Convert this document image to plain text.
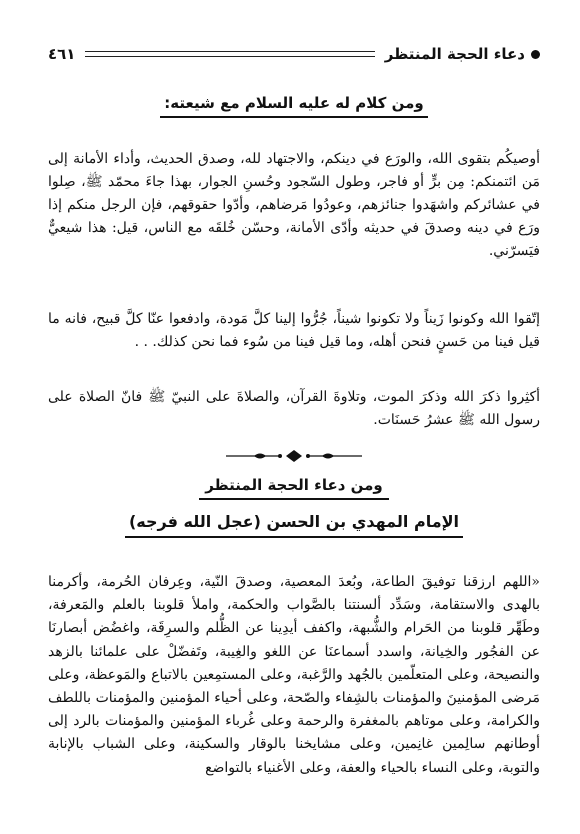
دعاء الحجة المنتظر
٤٦١
ومن كلام له عليه السلام مع شيعته:
أوصيكُم بتقوى الله، والورَع في دينكم، والاجتهاد لله، وصدق الحديث، وأداء الأمانة إلى مَن ائتمنكم: مِن برٍّ أو فاجر، وطول السّجود وحُسنِ الجوار، بهذا جاءَ محمّد ﷺ، صِلوا في عشائركم واشهَدوا جنائزهم، وعودُوا مَرضاهم، وأدّوا حقوقهم، فإن الرجل منكم إذا ورَع في دينه وصدقَ في حديثه وأدّى الأمانة، وحسّن خُلقَه مع الناس، قيل: هذا شيعيٌّ فيَسرّني.
إتّقوا الله وكونوا زَيناً ولا تكونوا شيناً، جُرُّوا إلينا كلَّ مَودة، وادفعوا عنّا كلَّ قبيح، فانه ما قيل فينا من حَسنٍ فنحن أهله، وما قيل فينا من سُوء فما نحن كذلك. . .
أكثِروا ذكرَ الله وذكرَ الموت، وتلاوةَ القرآن، والصلاةَ على النبيّ ﷺ فانّ الصلاة على رسول الله ﷺ عشرُ حَسنَات.
ومن دعاء الحجة المنتظر
الإمام المهدي بن الحسن (عجل الله فرجه)
«اللهم ارزقنا توفيقَ الطاعة، وبُعدَ المعصية، وصدقَ النّية، وعِرفان الحُرمة، وأكرمنا بالهدى والاستقامة، وسَدِّد ألسنتنا بالصَّواب والحكمة، واملأ قلوبنا بالعلم والمَعرفة، وطَهِّر قلوبنا من الحَرام والشُّبهة، واكفف أيدِينا عن الظُّلم والسرِقَة، واغضُض أبصارنَا عن الفجُور والخِيانة، واسدد أسماعنَا عن اللغو والغِيبة، وتَفضّلْ على علمائنا بالزهد والنصيحة، وعلى المتعلّمين بالجُهد والرَّغبة، وعلى المستمِعين بالاتباع والمَوعظة، وعلى مَرضى المؤمنينَ والمؤمنات بالشِفاء والصّحة، وعلى أحياء المؤمنين والمؤمنات باللطف والكرامة، وعلى موتاهم بالمغفرة والرحمة وعلى غُرباء المؤمنين والمؤمنات بالرد إلى أوطانهم سالِمين غانِمين، وعلى مشايخنا بالوقار والسكينة، وعلى الشباب بالإنابة والتوبة، وعلى النساء بالحياء والعفة، وعلى الأغنياء بالتواضع
